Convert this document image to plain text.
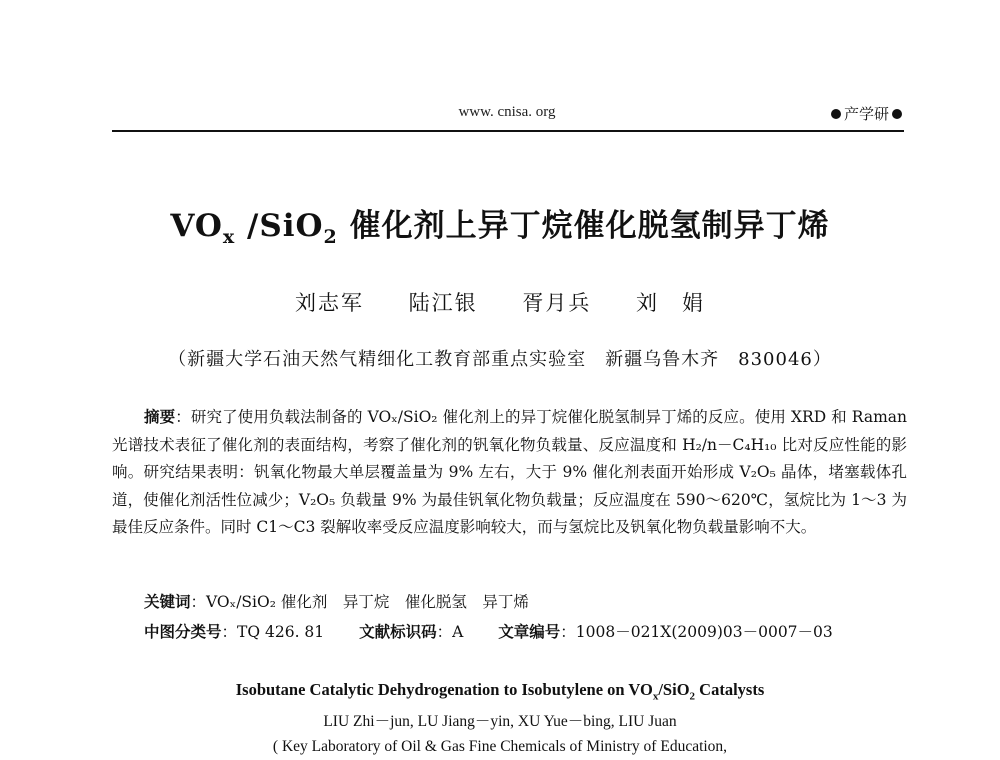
www. cnisa. org	产学研
$VO_x$ /SiO$_2$ 催化剂上异丁烷催化脱氢制异丁烯
刘志军 陆江银 胥月兵 刘　娟
（新疆大学石油天然气精细化工教育部重点实验室　新疆乌鲁木齐　830046）

摘要：研究了使用负载法制备的 VOₓ/SiO₂ 催化剂上的异丁烷催化脱氢制异丁烯的反应。使用 XRD 和 Raman 光谱技术表征了催化剂的表面结构，考察了催化剂的钒氧化物负载量、反应温度和 H₂/n－C₄H₁₀ 比对反应性能的影响。研究结果表明：钒氧化物最大单层覆盖量为 9% 左右，大于 9% 催化剂表面开始形成 V₂O₅ 晶体，堵塞载体孔道，使催化剂活性位减少；V₂O₅ 负载量 9% 为最佳钒氧化物负载量；反应温度在 590～620℃，氢烷比为 1～3 为最佳反应条件。同时 C1～C3 裂解收率受反应温度影响较大，而与氢烷比及钒氧化物负载量影响不大。

关键词：VOₓ/SiO₂ 催化剂　异丁烷　催化脱氢　异丁烯
中图分类号：TQ 426. 81 文献标识码：A 文章编号：1008－021X(2009)03－0007－03
Isobutane Catalytic Dehydrogenation to Isobutylene on $VO_x/SiO_2$ Catalysts
LIU Zhi－jun, LU Jiang－yin, XU Yue－bing, LIU Juan
( Key Laboratory of Oil & Gas Fine Chemicals of Ministry of Education,
